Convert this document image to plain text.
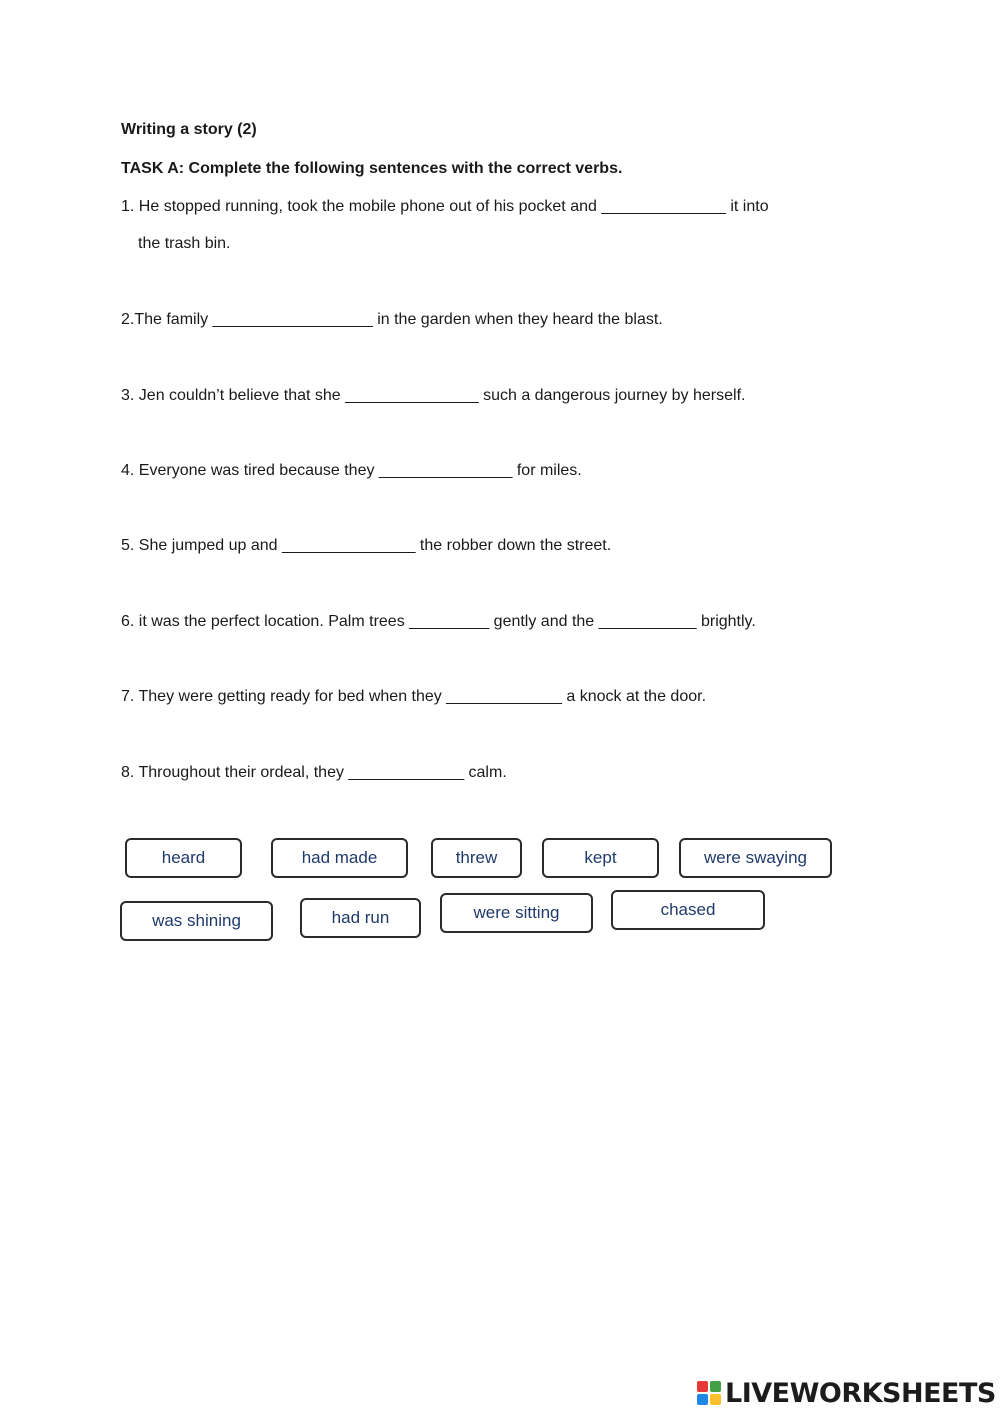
Writing a story (2)
TASK A: Complete the following sentences with the correct verbs.
1. He stopped running, took the mobile phone out of his pocket and ______________ it into
the trash bin.
2.The family __________________ in the garden when they heard the blast.
3. Jen couldn’t believe that she _______________ such a dangerous journey by herself.
4. Everyone was tired because they _______________ for miles.
5. She jumped up and _______________ the robber down the street.
6. it was the perfect location. Palm trees _________ gently and the ___________ brightly.
7. They were getting ready for bed when they _____________ a knock at the door.
8. Throughout their ordeal, they _____________ calm.
heard	had made	threw	kept	were swaying
was shining	had run	were sitting	chased
LIVEWORKSHEETS
